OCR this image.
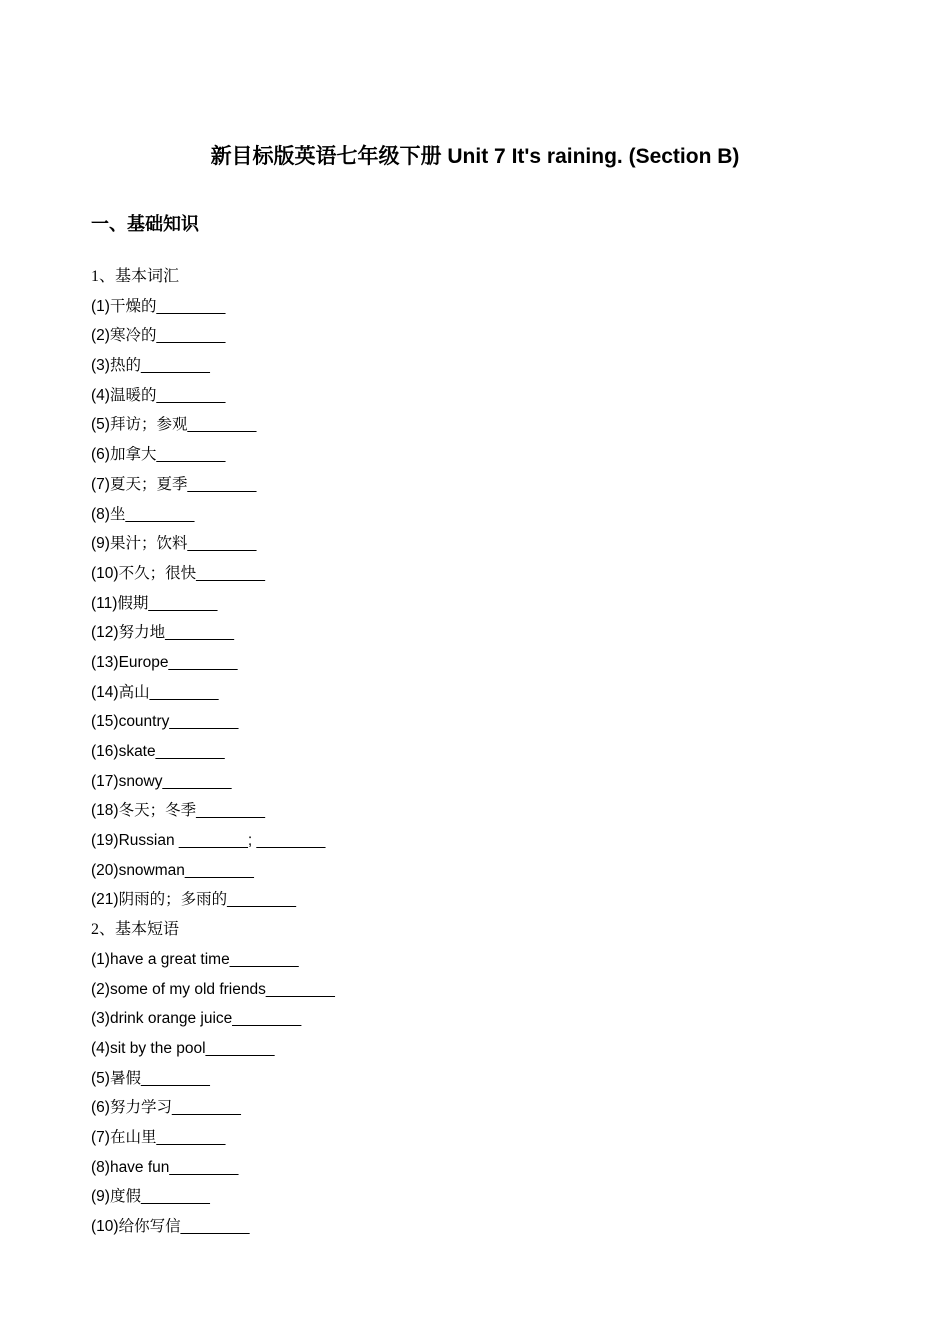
新目标版英语七年级下册 Unit 7 It's raining. (Section B)
一、基础知识
1、基本词汇
(1)干燥的________
(2)寒冷的________
(3)热的________
(4)温暖的________
(5)拜访；参观________
(6)加拿大________
(7)夏天；夏季________
(8)坐________
(9)果汁；饮料________
(10)不久；很快________
(11)假期________
(12)努力地________
(13)Europe________
(14)高山________
(15)country________
(16)skate________
(17)snowy________
(18)冬天；冬季________
(19)Russian ________; ________
(20)snowman________
(21)阴雨的；多雨的________
2、基本短语
(1)have a great time________
(2)some of my old friends________
(3)drink orange juice________
(4)sit by the pool________
(5)暑假________
(6)努力学习________
(7)在山里________
(8)have fun________
(9)度假________
(10)给你写信________
